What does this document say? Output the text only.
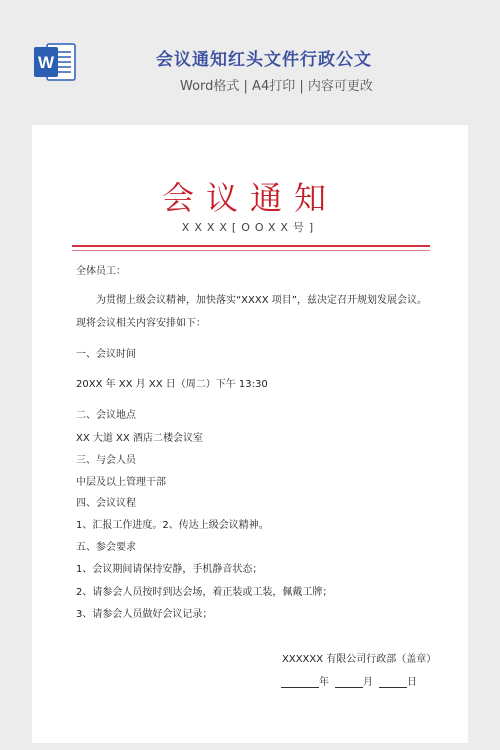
W	会议通知红头文件行政公文
Word格式 | A4打印 | 内容可更改
会议通知
XXXX[OOXX号]
全体员工：
为贯彻上级会议精神，加快落实“XXXX 项目”，兹决定召开规划发展会议。
现将会议相关内容安排如下：
一、会议时间
20XX 年 XX 月 XX 日（周二）下午 13:30
二、会议地点
XX 大道 XX 酒店二楼会议室
三、与会人员
中层及以上管理干部
四、会议议程
1、汇报工作进度。2、传达上级会议精神。
五、参会要求
1、会议期间请保持安静，手机静音状态；
2、请参会人员按时到达会场，着正装或工装，佩戴工牌；
3、请参会人员做好会议记录；
XXXXXX 有限公司行政部（盖章）
年	月	日
